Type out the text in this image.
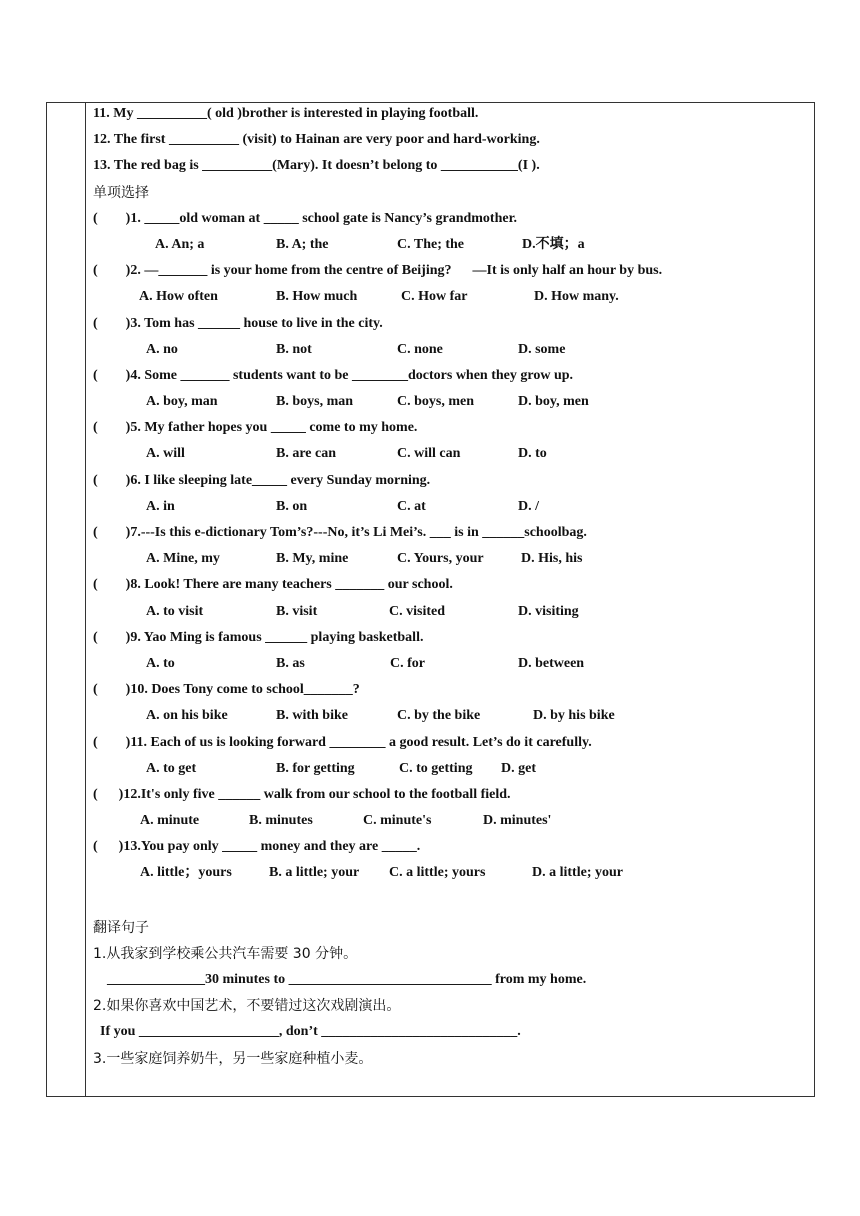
11. My __________( old )brother is interested in playing football.
12. The first __________ (visit) to Hainan are very poor and hard-working.
13. The red bag is __________(Mary). It doesn’t belong to ___________(I ).
单项选择
(        )1. _____old woman at _____ school gate is Nancy’s grandmother.
A. An; a	B. A; the	C. The; the	D.不填；a
(        )2. —_______ is your home from the centre of Beijing?      —It is only half an hour by bus.
A. How often	B. How much	C. How far	D. How many.
(        )3. Tom has ______ house to live in the city.
A. no	B. not	C. none	D. some
(        )4. Some _______ students want to be ________doctors when they grow up.
A. boy, man	B. boys, man	C. boys, men	D. boy, men
(        )5. My father hopes you _____ come to my home.
A. will	B. are can	C. will can	D. to
(        )6. I like sleeping late_____ every Sunday morning.
A. in	B. on	C. at	D. /
(        )7.---Is this e-dictionary Tom’s?---No, it’s Li Mei’s. ___ is in ______schoolbag.
A. Mine, my	B. My, mine	C. Yours, your	D. His, his
(        )8. Look! There are many teachers _______ our school.
A. to visit	B. visit	C. visited	D. visiting
(        )9. Yao Ming is famous ______ playing basketball.
A. to	B. as	C. for	D. between
(        )10. Does Tony come to school_______?
A. on his bike	B. with bike	C. by the bike	D. by his bike
(        )11. Each of us is looking forward ________ a good result. Let’s do it carefully.
A. to get	B. for getting	C. to getting D. get
(      )12.It's only five ______ walk from our school to the football field.
A. minute	B. minutes	C. minute's	D. minutes'
(      )13.You pay only _____ money and they are _____.
A. little；yours	B. a little; your C. a little; yours	D. a little; your
翻译句子
1.从我家到学校乘公共汽车需要 30 分钟。
______________30 minutes to _____________________________ from my home.
2.如果你喜欢中国艺术，不要错过这次戏剧演出。
If you ____________________, don’t ____________________________.
3.一些家庭饲养奶牛，另一些家庭种植小麦。
